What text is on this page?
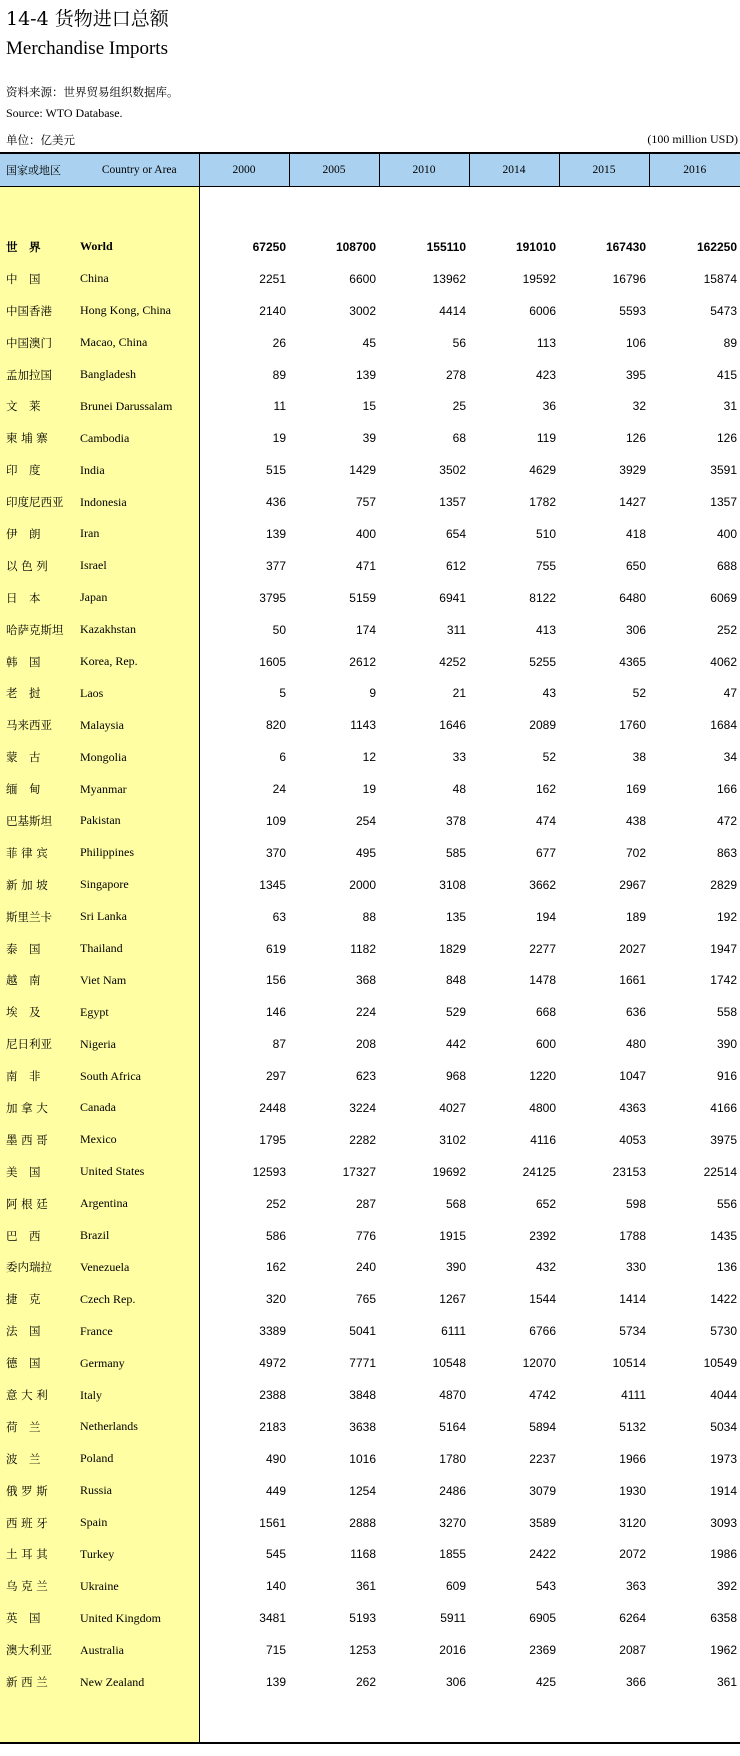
14-4 货物进口总额
Merchandise Imports
资料来源：世界贸易组织数据库。
Source: WTO Database.
单位：亿美元	(100 million USD)
国家或地区	Country or Area	2000	2005	2010	2014	2015	2016

世　界	World	67250	108700	155110	191010	167430	162250
中　国	China	2251	6600	13962	19592	16796	15874
中国香港	Hong Kong, China	2140	3002	4414	6006	5593	5473
中国澳门	Macao, China	26	45	56	113	106	89
孟加拉国	Bangladesh	89	139	278	423	395	415
文　莱	Brunei Darussalam	11	15	25	36	32	31
柬 埔 寨	Cambodia	19	39	68	119	126	126
印　度	India	515	1429	3502	4629	3929	3591
印度尼西亚	Indonesia	436	757	1357	1782	1427	1357
伊　朗	Iran	139	400	654	510	418	400
以 色 列	Israel	377	471	612	755	650	688
日　本	Japan	3795	5159	6941	8122	6480	6069
哈萨克斯坦	Kazakhstan	50	174	311	413	306	252
韩　国	Korea, Rep.	1605	2612	4252	5255	4365	4062
老　挝	Laos	5	9	21	43	52	47
马来西亚	Malaysia	820	1143	1646	2089	1760	1684
蒙　古	Mongolia	6	12	33	52	38	34
缅　甸	Myanmar	24	19	48	162	169	166
巴基斯坦	Pakistan	109	254	378	474	438	472
菲 律 宾	Philippines	370	495	585	677	702	863
新 加 坡	Singapore	1345	2000	3108	3662	2967	2829
斯里兰卡	Sri Lanka	63	88	135	194	189	192
泰　国	Thailand	619	1182	1829	2277	2027	1947
越　南	Viet Nam	156	368	848	1478	1661	1742
埃　及	Egypt	146	224	529	668	636	558
尼日利亚	Nigeria	87	208	442	600	480	390
南　非	South Africa	297	623	968	1220	1047	916
加 拿 大	Canada	2448	3224	4027	4800	4363	4166
墨 西 哥	Mexico	1795	2282	3102	4116	4053	3975
美　国	United States	12593	17327	19692	24125	23153	22514
阿 根 廷	Argentina	252	287	568	652	598	556
巴　西	Brazil	586	776	1915	2392	1788	1435
委内瑞拉	Venezuela	162	240	390	432	330	136
捷　克	Czech Rep.	320	765	1267	1544	1414	1422
法　国	France	3389	5041	6111	6766	5734	5730
德　国	Germany	4972	7771	10548	12070	10514	10549
意 大 利	Italy	2388	3848	4870	4742	4111	4044
荷　兰	Netherlands	2183	3638	5164	5894	5132	5034
波　兰	Poland	490	1016	1780	2237	1966	1973
俄 罗 斯	Russia	449	1254	2486	3079	1930	1914
西 班 牙	Spain	1561	2888	3270	3589	3120	3093
土 耳 其	Turkey	545	1168	1855	2422	2072	1986
乌 克 兰	Ukraine	140	361	609	543	363	392
英　国	United Kingdom	3481	5193	5911	6905	6264	6358
澳大利亚	Australia	715	1253	2016	2369	2087	1962
新 西 兰	New Zealand	139	262	306	425	366	361
